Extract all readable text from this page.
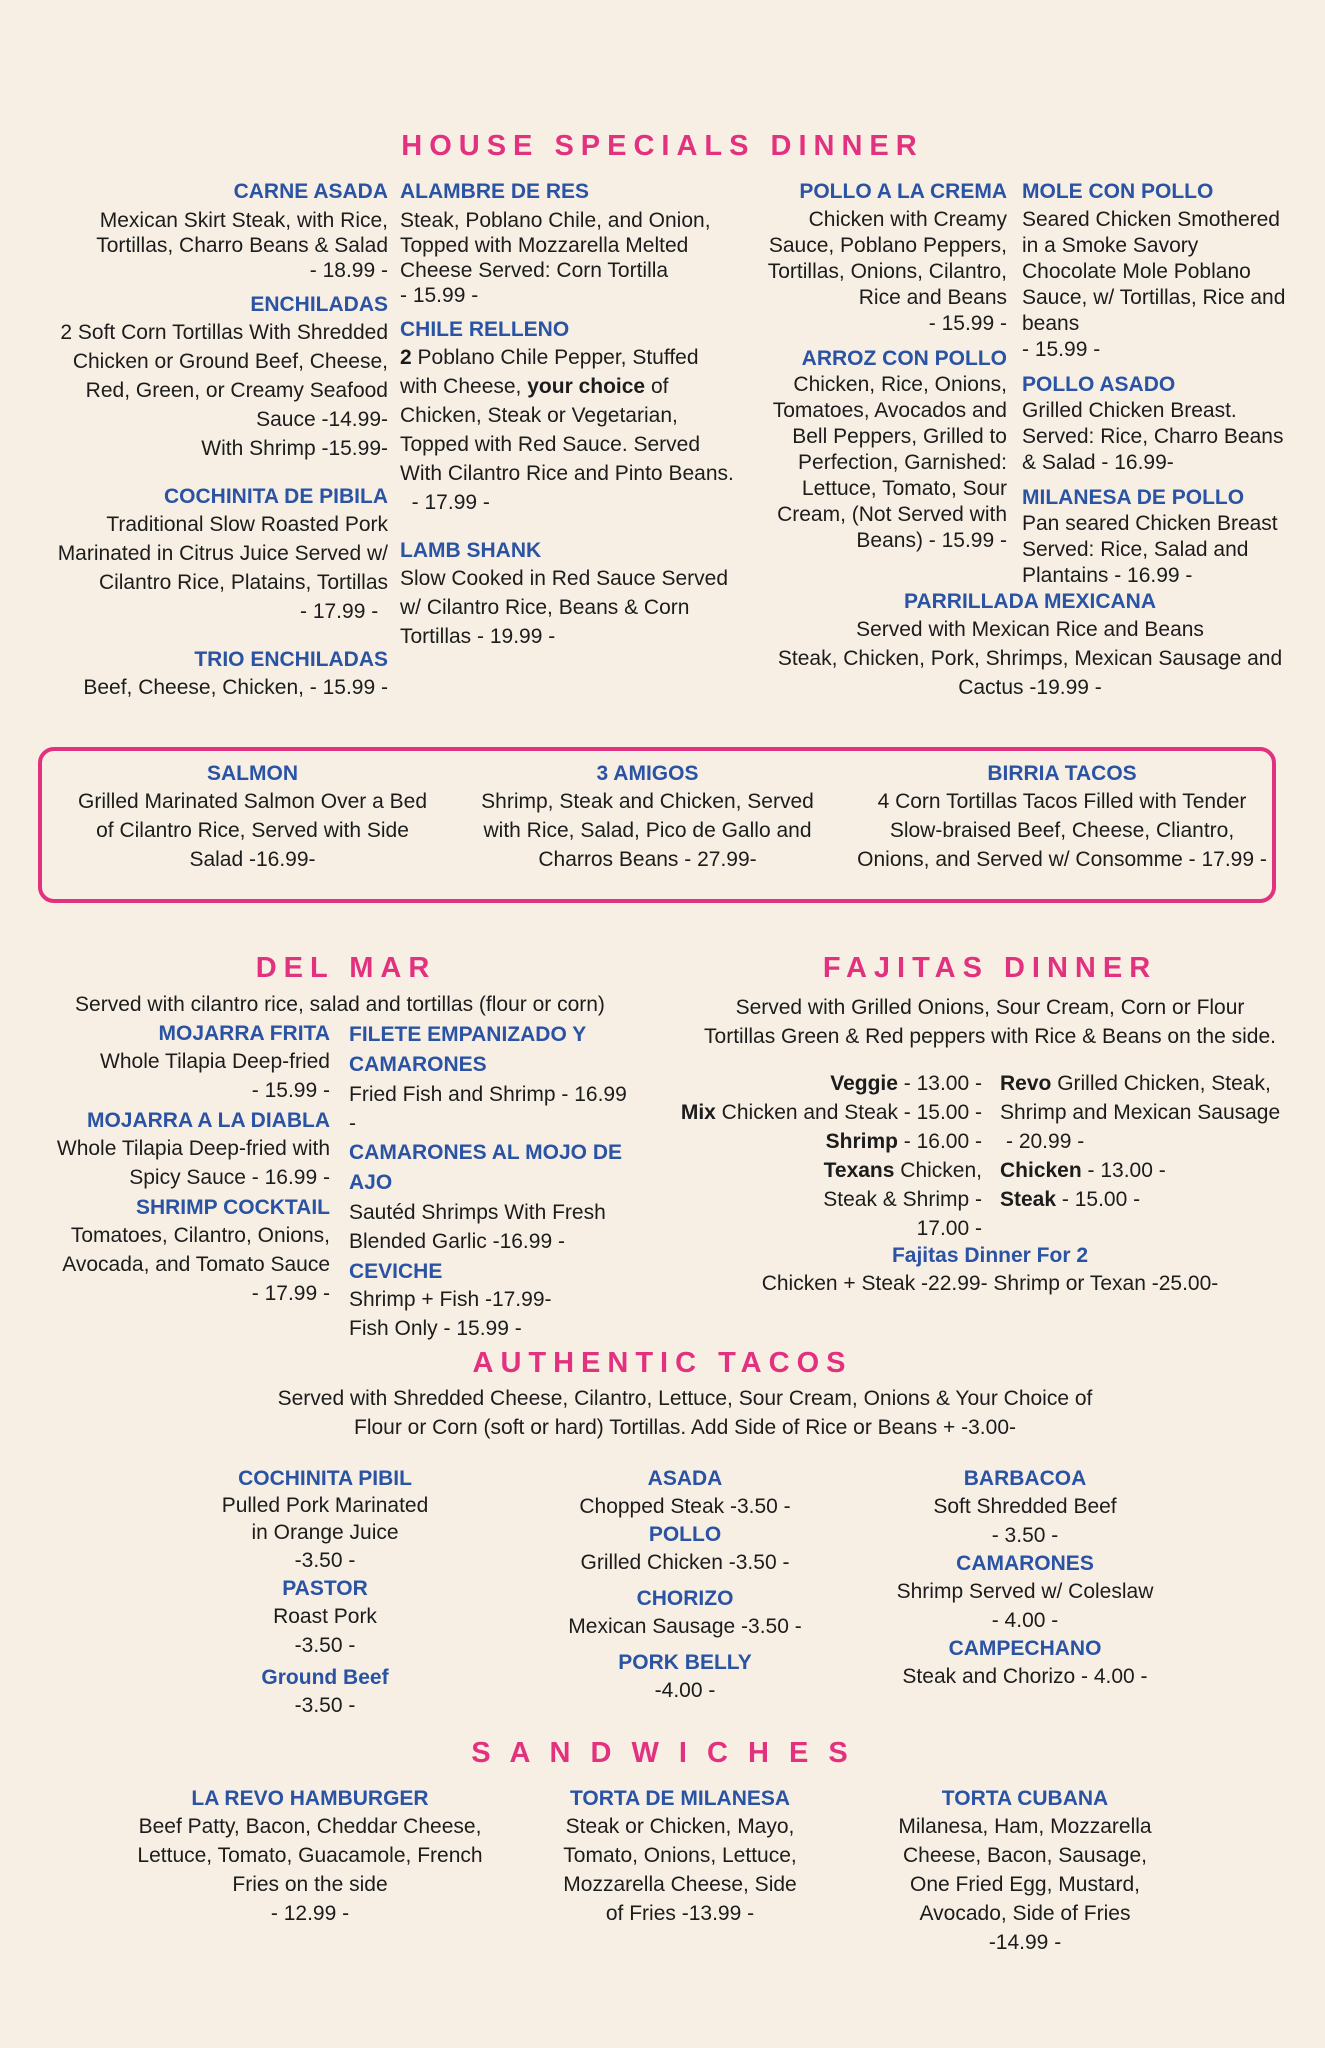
HOUSE SPECIALS DINNER
CARNE ASADA
Mexican Skirt Steak, with Rice, Tortillas, Charro Beans & Salad
- 18.99 -
ENCHILADAS
2 Soft Corn Tortillas With Shredded Chicken or Ground Beef, Cheese, Red, Green, or Creamy Seafood Sauce -14.99-
With Shrimp -15.99-
COCHINITA DE PIBILA
Traditional Slow Roasted Pork Marinated in Citrus Juice Served w/ Cilantro Rice, Platains, Tortillas
- 17.99 -
TRIO ENCHILADAS
Beef, Cheese, Chicken, - 15.99 -
ALAMBRE DE RES
Steak, Poblano Chile, and Onion, Topped with Mozzarella Melted Cheese Served: Corn Tortilla
- 15.99 -
CHILE RELLENO
2 Poblano Chile Pepper, Stuffed with Cheese, your choice of Chicken, Steak or Vegetarian, Topped with Red Sauce. Served With Cilantro Rice and Pinto Beans.   - 17.99 -
LAMB SHANK
Slow Cooked in Red Sauce Served w/ Cilantro Rice, Beans & Corn Tortillas - 19.99 -
POLLO A LA CREMA
Chicken with Creamy Sauce, Poblano Peppers, Tortillas, Onions, Cilantro, Rice and Beans
- 15.99 -
ARROZ CON POLLO
Chicken, Rice, Onions, Tomatoes, Avocados and Bell Peppers, Grilled to Perfection, Garnished: Lettuce, Tomato, Sour Cream, (Not Served with Beans) - 15.99 -
MOLE CON POLLO
Seared Chicken Smothered in a Smoke Savory Chocolate Mole Poblano Sauce, w/ Tortillas, Rice and beans
- 15.99 -
POLLO ASADO
Grilled Chicken Breast. Served: Rice, Charro Beans & Salad - 16.99-
MILANESA DE POLLO
Pan seared Chicken Breast Served: Rice, Salad and Plantains - 16.99 -
PARRILLADA MEXICANA
Served with Mexican Rice and Beans
Steak, Chicken, Pork, Shrimps, Mexican Sausage and Cactus -19.99 -
SALMON
Grilled Marinated Salmon Over a Bed of Cilantro Rice, Served with Side Salad -16.99-
3 AMIGOS
Shrimp, Steak and Chicken, Served with Rice, Salad, Pico de Gallo and Charros Beans - 27.99-
BIRRIA TACOS
4 Corn Tortillas Tacos Filled with Tender Slow-braised Beef, Cheese, Cliantro, Onions, and Served w/ Consomme - 17.99 -
DEL MAR
Served with cilantro rice, salad and tortillas (flour or corn)
MOJARRA FRITA
Whole Tilapia Deep-fried
- 15.99 -
MOJARRA A LA DIABLA
Whole Tilapia Deep-fried with Spicy Sauce - 16.99 -
SHRIMP COCKTAIL
Tomatoes, Cilantro, Onions, Avocada, and Tomato Sauce
- 17.99 -
FILETE EMPANIZADO Y CAMARONES
Fried Fish and Shrimp - 16.99 -
CAMARONES AL MOJO DE AJO
Sautéd Shrimps With Fresh Blended Garlic -16.99 -
CEVICHE
Shrimp + Fish -17.99-
Fish Only - 15.99 -
FAJITAS DINNER
Served with Grilled Onions, Sour Cream, Corn or Flour Tortillas Green & Red peppers with Rice & Beans on the side.
Veggie - 13.00 -
Mix Chicken and Steak - 15.00 -
Shrimp - 16.00 -
Texans Chicken, Steak & Shrimp - 17.00 -
Revo Grilled Chicken, Steak, Shrimp and Mexican Sausage
- 20.99 -
Chicken - 13.00 -
Steak - 15.00 -
Fajitas Dinner For 2
Chicken + Steak -22.99- Shrimp or Texan -25.00-
AUTHENTIC TACOS
Served with Shredded Cheese, Cilantro, Lettuce, Sour Cream, Onions & Your Choice of Flour or Corn (soft or hard) Tortillas. Add Side of Rice or Beans + -3.00-
COCHINITA PIBIL
Pulled Pork Marinated in Orange Juice
-3.50 -
PASTOR
Roast Pork
-3.50 -
Ground Beef
-3.50 -
ASADA
Chopped Steak -3.50 -
POLLO
Grilled Chicken -3.50 -
CHORIZO
Mexican Sausage -3.50 -
PORK BELLY
-4.00 -
BARBACOA
Soft Shredded Beef
- 3.50 -
CAMARONES
Shrimp Served w/ Coleslaw
- 4.00 -
CAMPECHANO
Steak and Chorizo - 4.00 -
S A N D W I C H E S
LA REVO HAMBURGER
Beef Patty, Bacon, Cheddar Cheese, Lettuce, Tomato, Guacamole, French Fries on the side
- 12.99 -
TORTA DE MILANESA
Steak or Chicken, Mayo, Tomato, Onions, Lettuce, Mozzarella Cheese, Side of Fries -13.99 -
TORTA CUBANA
Milanesa, Ham, Mozzarella Cheese, Bacon, Sausage, One Fried Egg, Mustard, Avocado, Side of Fries -14.99 -
